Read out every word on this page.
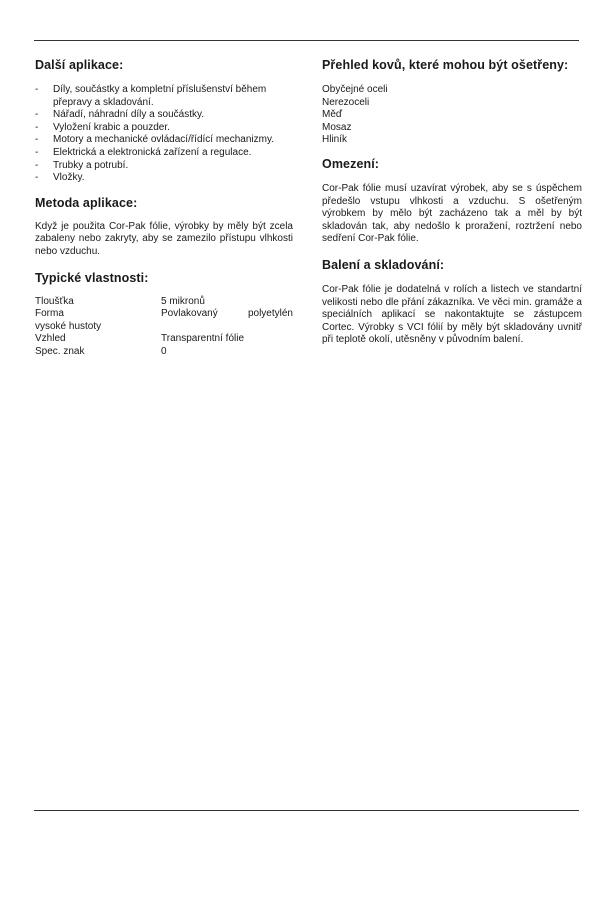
Další aplikace:
- Díly, součástky a kompletní příslušenství během přepravy a skladování.
- Nářadí, náhradní díly a součástky.
- Vyložení krabic a pouzder.
- Motory a mechanické ovládací/řídící mechanizmy.
- Elektrická a elektronická zařízení a regulace.
- Trubky a potrubí.
- Vložky.
Metoda aplikace:

Když je použita Cor-Pak fólie, výrobky by měly být zcela zabaleny nebo zakryty, aby se zamezilo přístupu vlhkosti nebo vzduchu.

Typické vlastnosti:
Tloušťka	5 mikronů
Forma	Povlakovaný polyetylén
vysoké hustoty	
Vzhled	Transparentní fólie
Spec. znak	0
Přehled kovů, které mohou být ošetřeny:
Obyčejné oceli
Nerezoceli
Měď
Mosaz
Hliník
Omezení:

Cor-Pak fólie musí uzavírat výrobek, aby se s úspěchem předešlo vstupu vlhkosti a vzduchu. S ošetřeným výrobkem by mělo být zacházeno tak a měl by být skladován tak, aby nedošlo k proražení, roztržení nebo sedření Cor-Pak fólie.

Balení a skladování:

Cor-Pak fólie je dodatelná v rolích a listech ve standartní velikosti nebo dle přání zákazníka. Ve věci min. gramáže a speciálních aplikací se nakontaktujte se zástupcem Cortec. Výrobky s VCI fólií by měly být skladovány uvnitř při teplotě okolí, utěsněny v původním balení.
